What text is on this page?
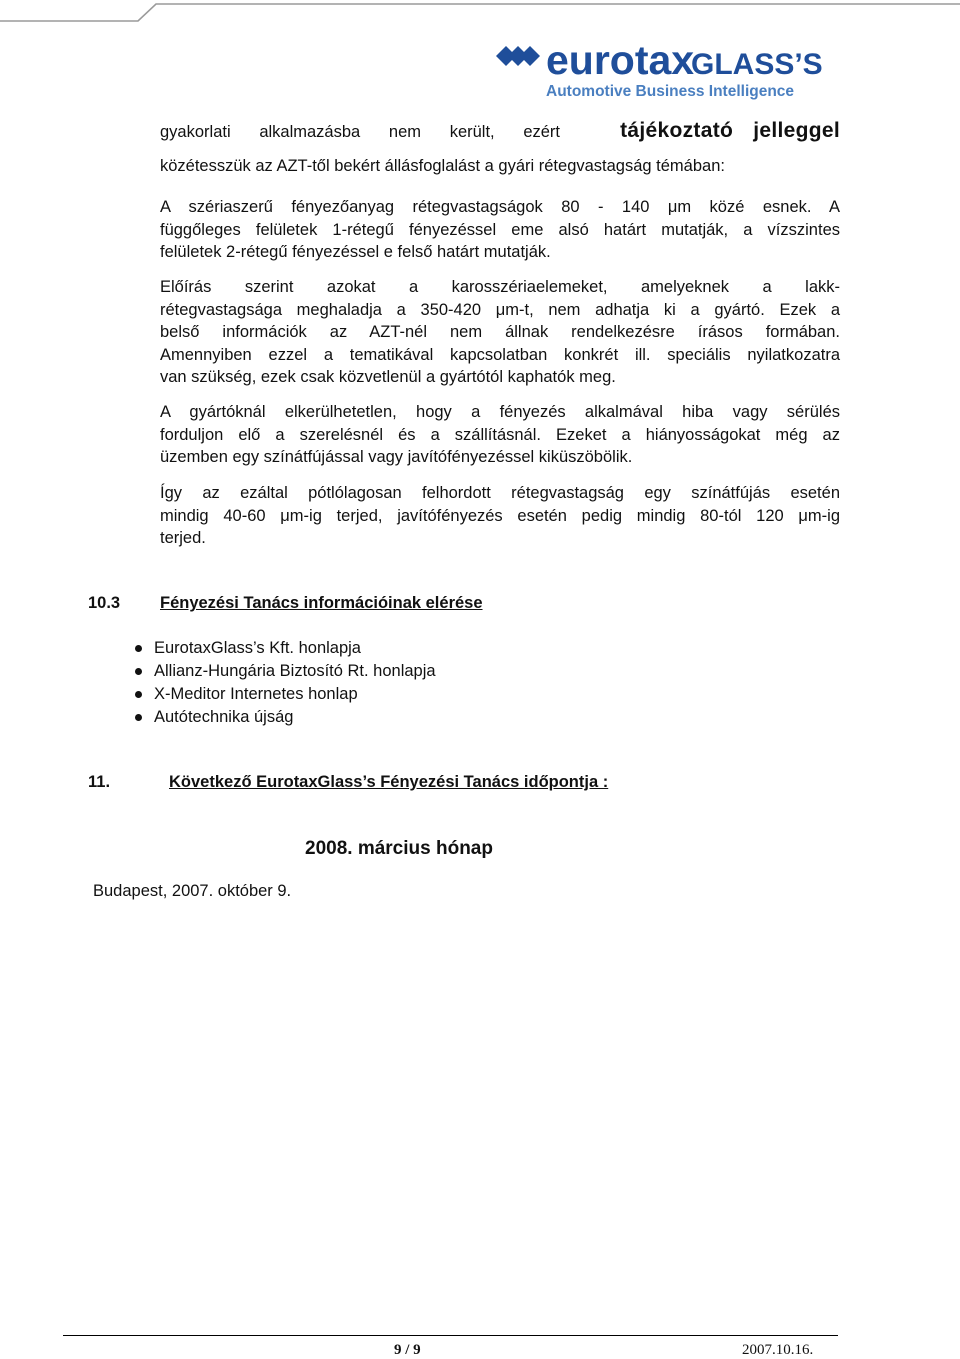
eurotax
GLASS’S
Automotive Business Intelligence
gyakorlati alkalmazásba nem került, ezért	tájékoztató jelleggel
közétesszük az AZT-től bekért állásfoglalást a gyári rétegvastagság témában:
A szériaszerű fényezőanyag rétegvastagságok 80 - 140 μm közé esnek. A
függőleges felületek 1-rétegű fényezéssel eme alsó határt mutatják, a vízszintes
felületek 2-rétegű fényezéssel e felső határt mutatják.
Előírás szerint azokat a karosszériaelemeket, amelyeknek a lakk-
rétegvastagsága meghaladja a 350-420 μm-t, nem adhatja ki a gyártó. Ezek a
belső információk az AZT-nél nem állnak rendelkezésre írásos formában.
Amennyiben ezzel a tematikával kapcsolatban konkrét ill. speciális nyilatkozatra
van szükség, ezek csak közvetlenül a gyártótól kaphatók meg.
A gyártóknál elkerülhetetlen, hogy a fényezés alkalmával hiba vagy sérülés
forduljon elő a szerelésnél és a szállításnál. Ezeket a hiányosságokat még az
üzemben egy színátfújással vagy javítófényezéssel kiküszöbölik.
Így az ezáltal pótlólagosan felhordott rétegvastagság egy színátfújás esetén
mindig 40-60 μm-ig terjed, javítófényezés esetén pedig mindig 80-tól 120 μm-ig
terjed.
10.3 Fényezési Tanács információinak elérése
EurotaxGlass’s Kft. honlapja
Allianz-Hungária Biztosító Rt. honlapja
X-Meditor Internetes honlap
Autótechnika újság
11.	Következő EurotaxGlass’s Fényezési Tanács időpontja :
2008. március hónap
Budapest, 2007. október 9.
9 / 9	2007.10.16.
